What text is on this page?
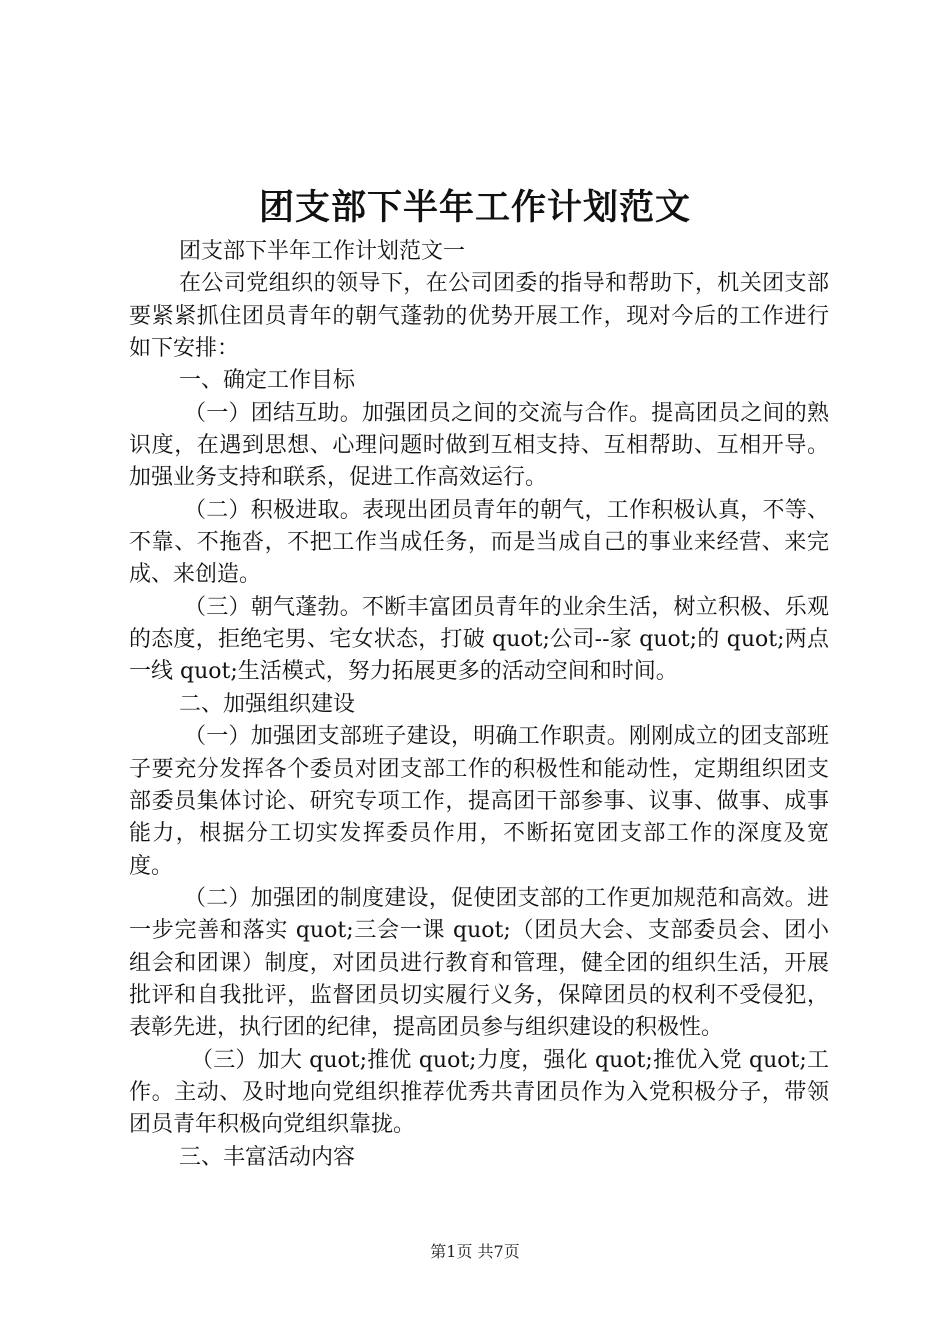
团支部下半年工作计划范文

团支部下半年工作计划范文一

在公司党组织的领导下，在公司团委的指导和帮助下，机关团支部要紧紧抓住团员青年的朝气蓬勃的优势开展工作，现对今后的工作进行如下安排：

一、确定工作目标

（一）团结互助。加强团员之间的交流与合作。提高团员之间的熟识度，在遇到思想、心理问题时做到互相支持、互相帮助、互相开导。加强业务支持和联系，促进工作高效运行。

（二）积极进取。表现出团员青年的朝气，工作积极认真，不等、不靠、不拖沓，不把工作当成任务，而是当成自己的事业来经营、来完成、来创造。

（三）朝气蓬勃。不断丰富团员青年的业余生活，树立积极、乐观的态度，拒绝宅男、宅女状态，打破 quot;公司--家 quot;的 quot;两点一线 quot;生活模式，努力拓展更多的活动空间和时间。

二、加强组织建设

（一）加强团支部班子建设，明确工作职责。刚刚成立的团支部班子要充分发挥各个委员对团支部工作的积极性和能动性，定期组织团支部委员集体讨论、研究专项工作，提高团干部参事、议事、做事、成事能力，根据分工切实发挥委员作用，不断拓宽团支部工作的深度及宽度。

（二）加强团的制度建设，促使团支部的工作更加规范和高效。进一步完善和落实 quot;三会一课 quot;（团员大会、支部委员会、团小组会和团课）制度，对团员进行教育和管理，健全团的组织生活，开展批评和自我批评，监督团员切实履行义务，保障团员的权利不受侵犯，表彰先进，执行团的纪律，提高团员参与组织建设的积极性。

（三）加大 quot;推优 quot;力度，强化 quot;推优入党 quot;工作。主动、及时地向党组织推荐优秀共青团员作为入党积极分子，带领团员青年积极向党组织靠拢。

三、丰富活动内容

第1页 共7页
